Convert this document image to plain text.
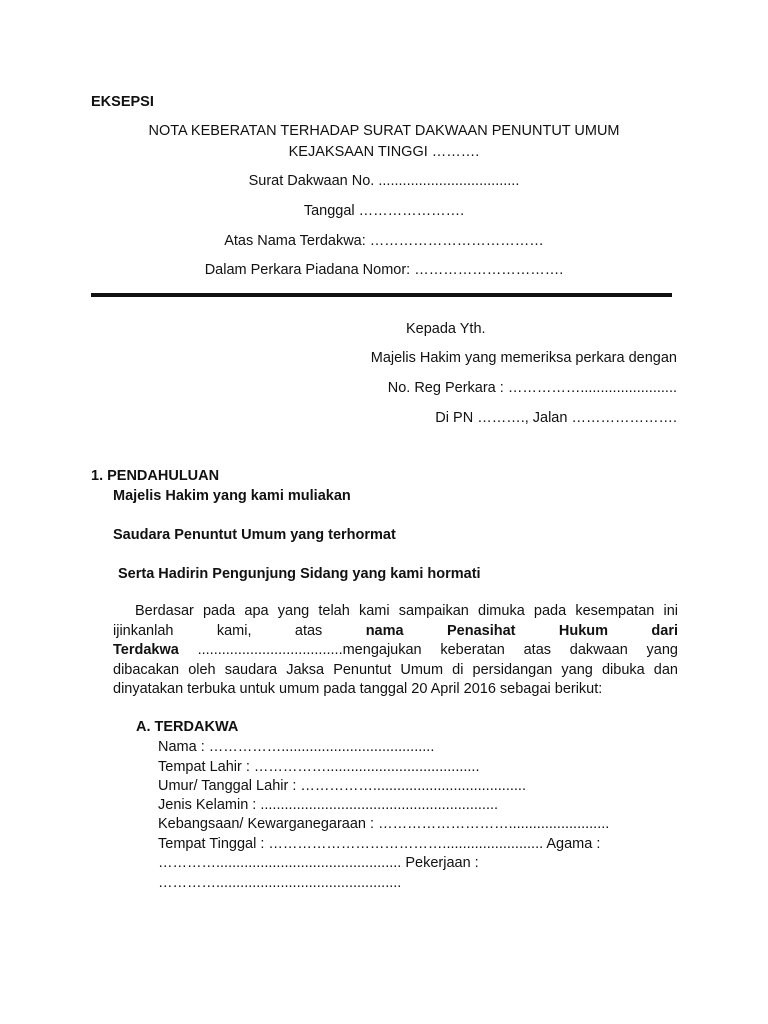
EKSEPSI
NOTA KEBERATAN TERHADAP SURAT DAKWAAN PENUNTUT UMUM
KEJAKSAAN TINGGI ……….
Surat Dakwaan No. ...................................
Tanggal ………………….
Atas Nama Terdakwa: ………………………………
Dalam Perkara Piadana Nomor: ………………………….
Kepada Yth.
Majelis Hakim yang memeriksa perkara dengan
No. Reg Perkara : ……………........................
Di PN ………., Jalan ………………….
1. PENDAHULUAN
Majelis Hakim yang kami muliakan
Saudara Penuntut Umum yang terhormat
Serta Hadirin Pengunjung Sidang yang kami hormati
Berdasar pada apa yang telah kami sampaikan dimuka pada kesempatan ini
ijinkanlah kami, atas nama Penasihat Hukum dari
Terdakwa ....................................mengajukan keberatan atas dakwaan yang
dibacakan oleh saudara Jaksa Penuntut Umum di persidangan yang dibuka dan
dinyatakan terbuka untuk umum pada tanggal 20 April 2016 sebagai berikut:
A. TERDAKWA
Nama : ……………......................................
Tempat Lahir : ……………......................................
Umur/ Tanggal Lahir : ……………......................................
Jenis Kelamin : ...........................................................
Kebangsaan/ Kewarganegaraan : ……………………….........................
Tempat Tinggal : ………………………………......................... Agama :
………….............................................. Pekerjaan :
…………..............................................
